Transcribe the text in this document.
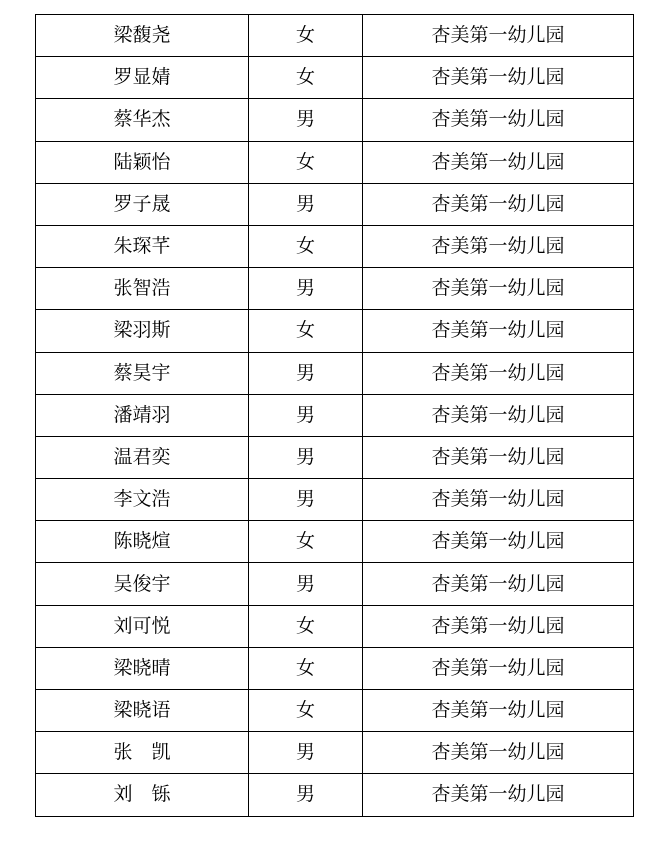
梁馥尧	女	杏美第一幼儿园
罗显婧	女	杏美第一幼儿园
蔡华杰	男	杏美第一幼儿园
陆颖怡	女	杏美第一幼儿园
罗子晟	男	杏美第一幼儿园
朱琛芊	女	杏美第一幼儿园
张智浩	男	杏美第一幼儿园
梁羽斯	女	杏美第一幼儿园
蔡昊宇	男	杏美第一幼儿园
潘靖羽	男	杏美第一幼儿园
温君奕	男	杏美第一幼儿园
李文浩	男	杏美第一幼儿园
陈晓煊	女	杏美第一幼儿园
吴俊宇	男	杏美第一幼儿园
刘可悦	女	杏美第一幼儿园
梁晓晴	女	杏美第一幼儿园
梁晓语	女	杏美第一幼儿园
张　凯	男	杏美第一幼儿园
刘　铄	男	杏美第一幼儿园
